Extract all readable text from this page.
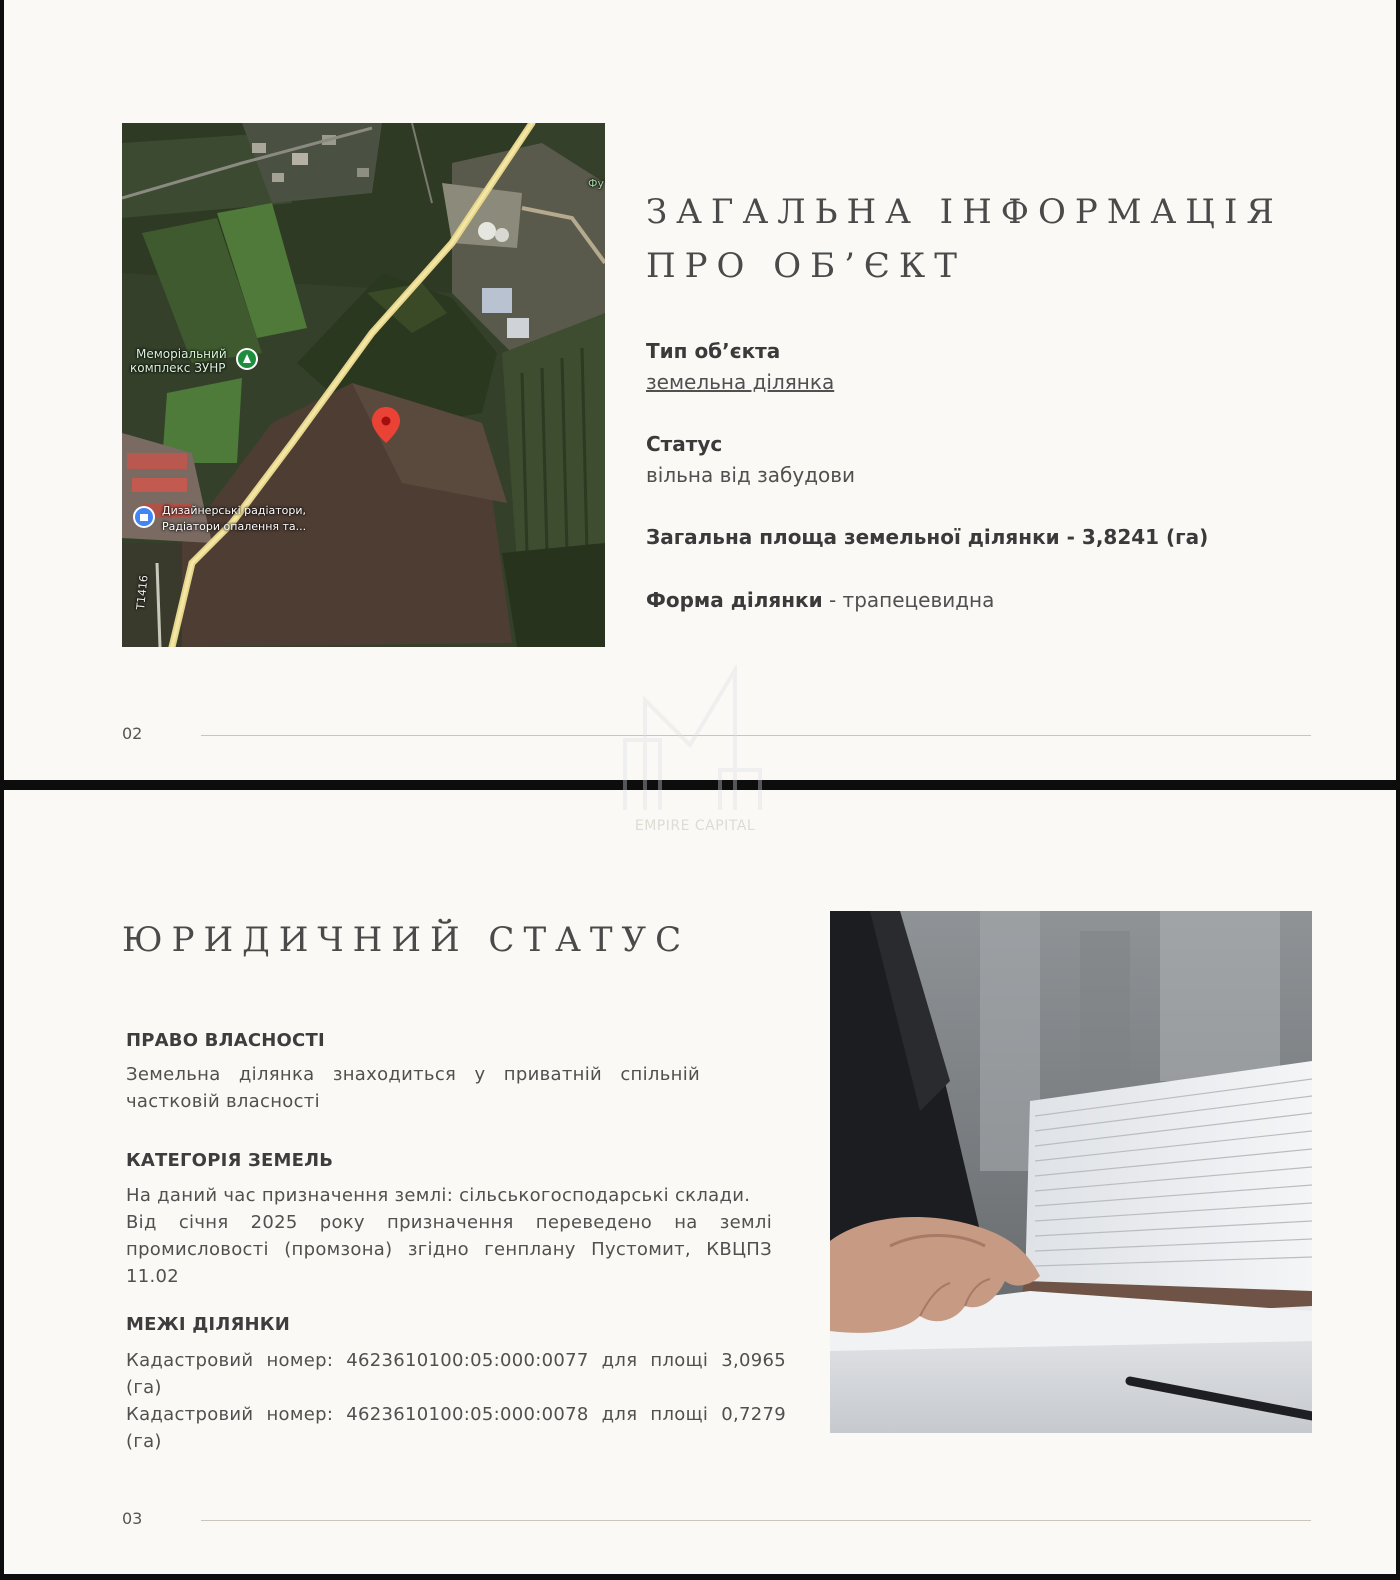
Меморіальний
комплекс ЗУНР
Дизайнерські радіатори,
Радіатори опалення та...
Т1416
Фу
ЗАГАЛЬНА ІНФОРМАЦІЯ
ПРО ОБ’ЄКТ
Тип об’єкта
земельна ділянка
Статус
вільна від забудови
Загальна площа земельної ділянки - 3,8241 (га)
Форма ділянки - трапецевидна
02
ЮРИДИЧНИЙ СТАТУС
ПРАВО ВЛАСНОСТІ

Земельна ділянка знаходиться у приватній спільній

частковій власності

КАТЕГОРІЯ ЗЕМЕЛЬ

На даний час призначення землі: сільськогосподарські склади.

Від січня 2025 року призначення переведено на землі

промисловості (промзона) згідно генплану Пустомит, КВЦПЗ 11.02

МЕЖІ ДІЛЯНКИ

Кадастровий номер: 4623610100:05:000:0077 для площі 3,0965 (га)

Кадастровий номер: 4623610100:05:000:0078 для площі 0,7279 (га)

03
EMPIRE CAPITAL
